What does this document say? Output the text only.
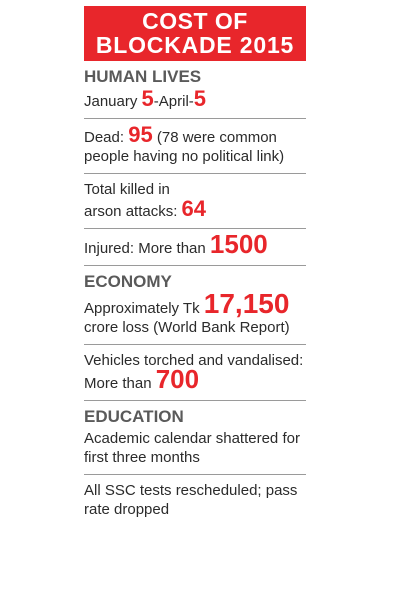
COST OF
BLOCKADE 2015
HUMAN LIVES
January 5-April-5
Dead: 95 (78 were common people having no political link)
Total killed in
arson attacks: 64
Injured: More than 1500
ECONOMY
Approximately Tk 17,150
crore loss (World Bank Report)
Vehicles torched and vandalised:
More than 700
EDUCATION
Academic calendar shattered for first three months
All SSC tests rescheduled; pass rate dropped
